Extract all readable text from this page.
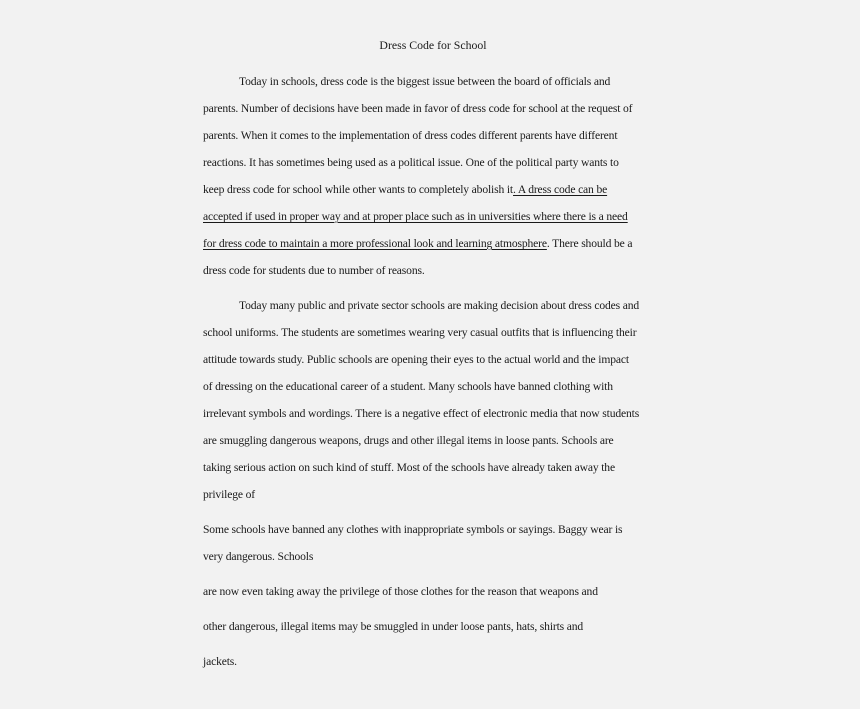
Dress Code for School
Today in schools, dress code is the biggest issue between the board of officials and
parents. Number of decisions have been made in favor of dress code for school at the request of
parents. When it comes to the implementation of dress codes different parents have different
reactions. It has sometimes being used as a political issue. One of the political party wants to
keep dress code for school while other wants to completely abolish it. A dress code can be
accepted if used in proper way and at proper place such as in universities where there is a need
for dress code to maintain a more professional look and learning atmosphere. There should be a
dress code for students due to number of reasons.
Today many public and private sector schools are making decision about dress codes and
school uniforms. The students are sometimes wearing very casual outfits that is influencing their
attitude towards study. Public schools are opening their eyes to the actual world and the impact
of dressing on the educational career of a student. Many schools have banned clothing with
irrelevant symbols and wordings. There is a negative effect of electronic media that now students
are smuggling dangerous weapons, drugs and other illegal items in loose pants. Schools are
taking serious action on such kind of stuff. Most of the schools have already taken away the
privilege of
Some schools have banned any clothes with inappropriate symbols or sayings. Baggy wear is
very dangerous. Schools
are now even taking away the privilege of those clothes for the reason that weapons and
other dangerous, illegal items may be smuggled in under loose pants, hats, shirts and
jackets.
